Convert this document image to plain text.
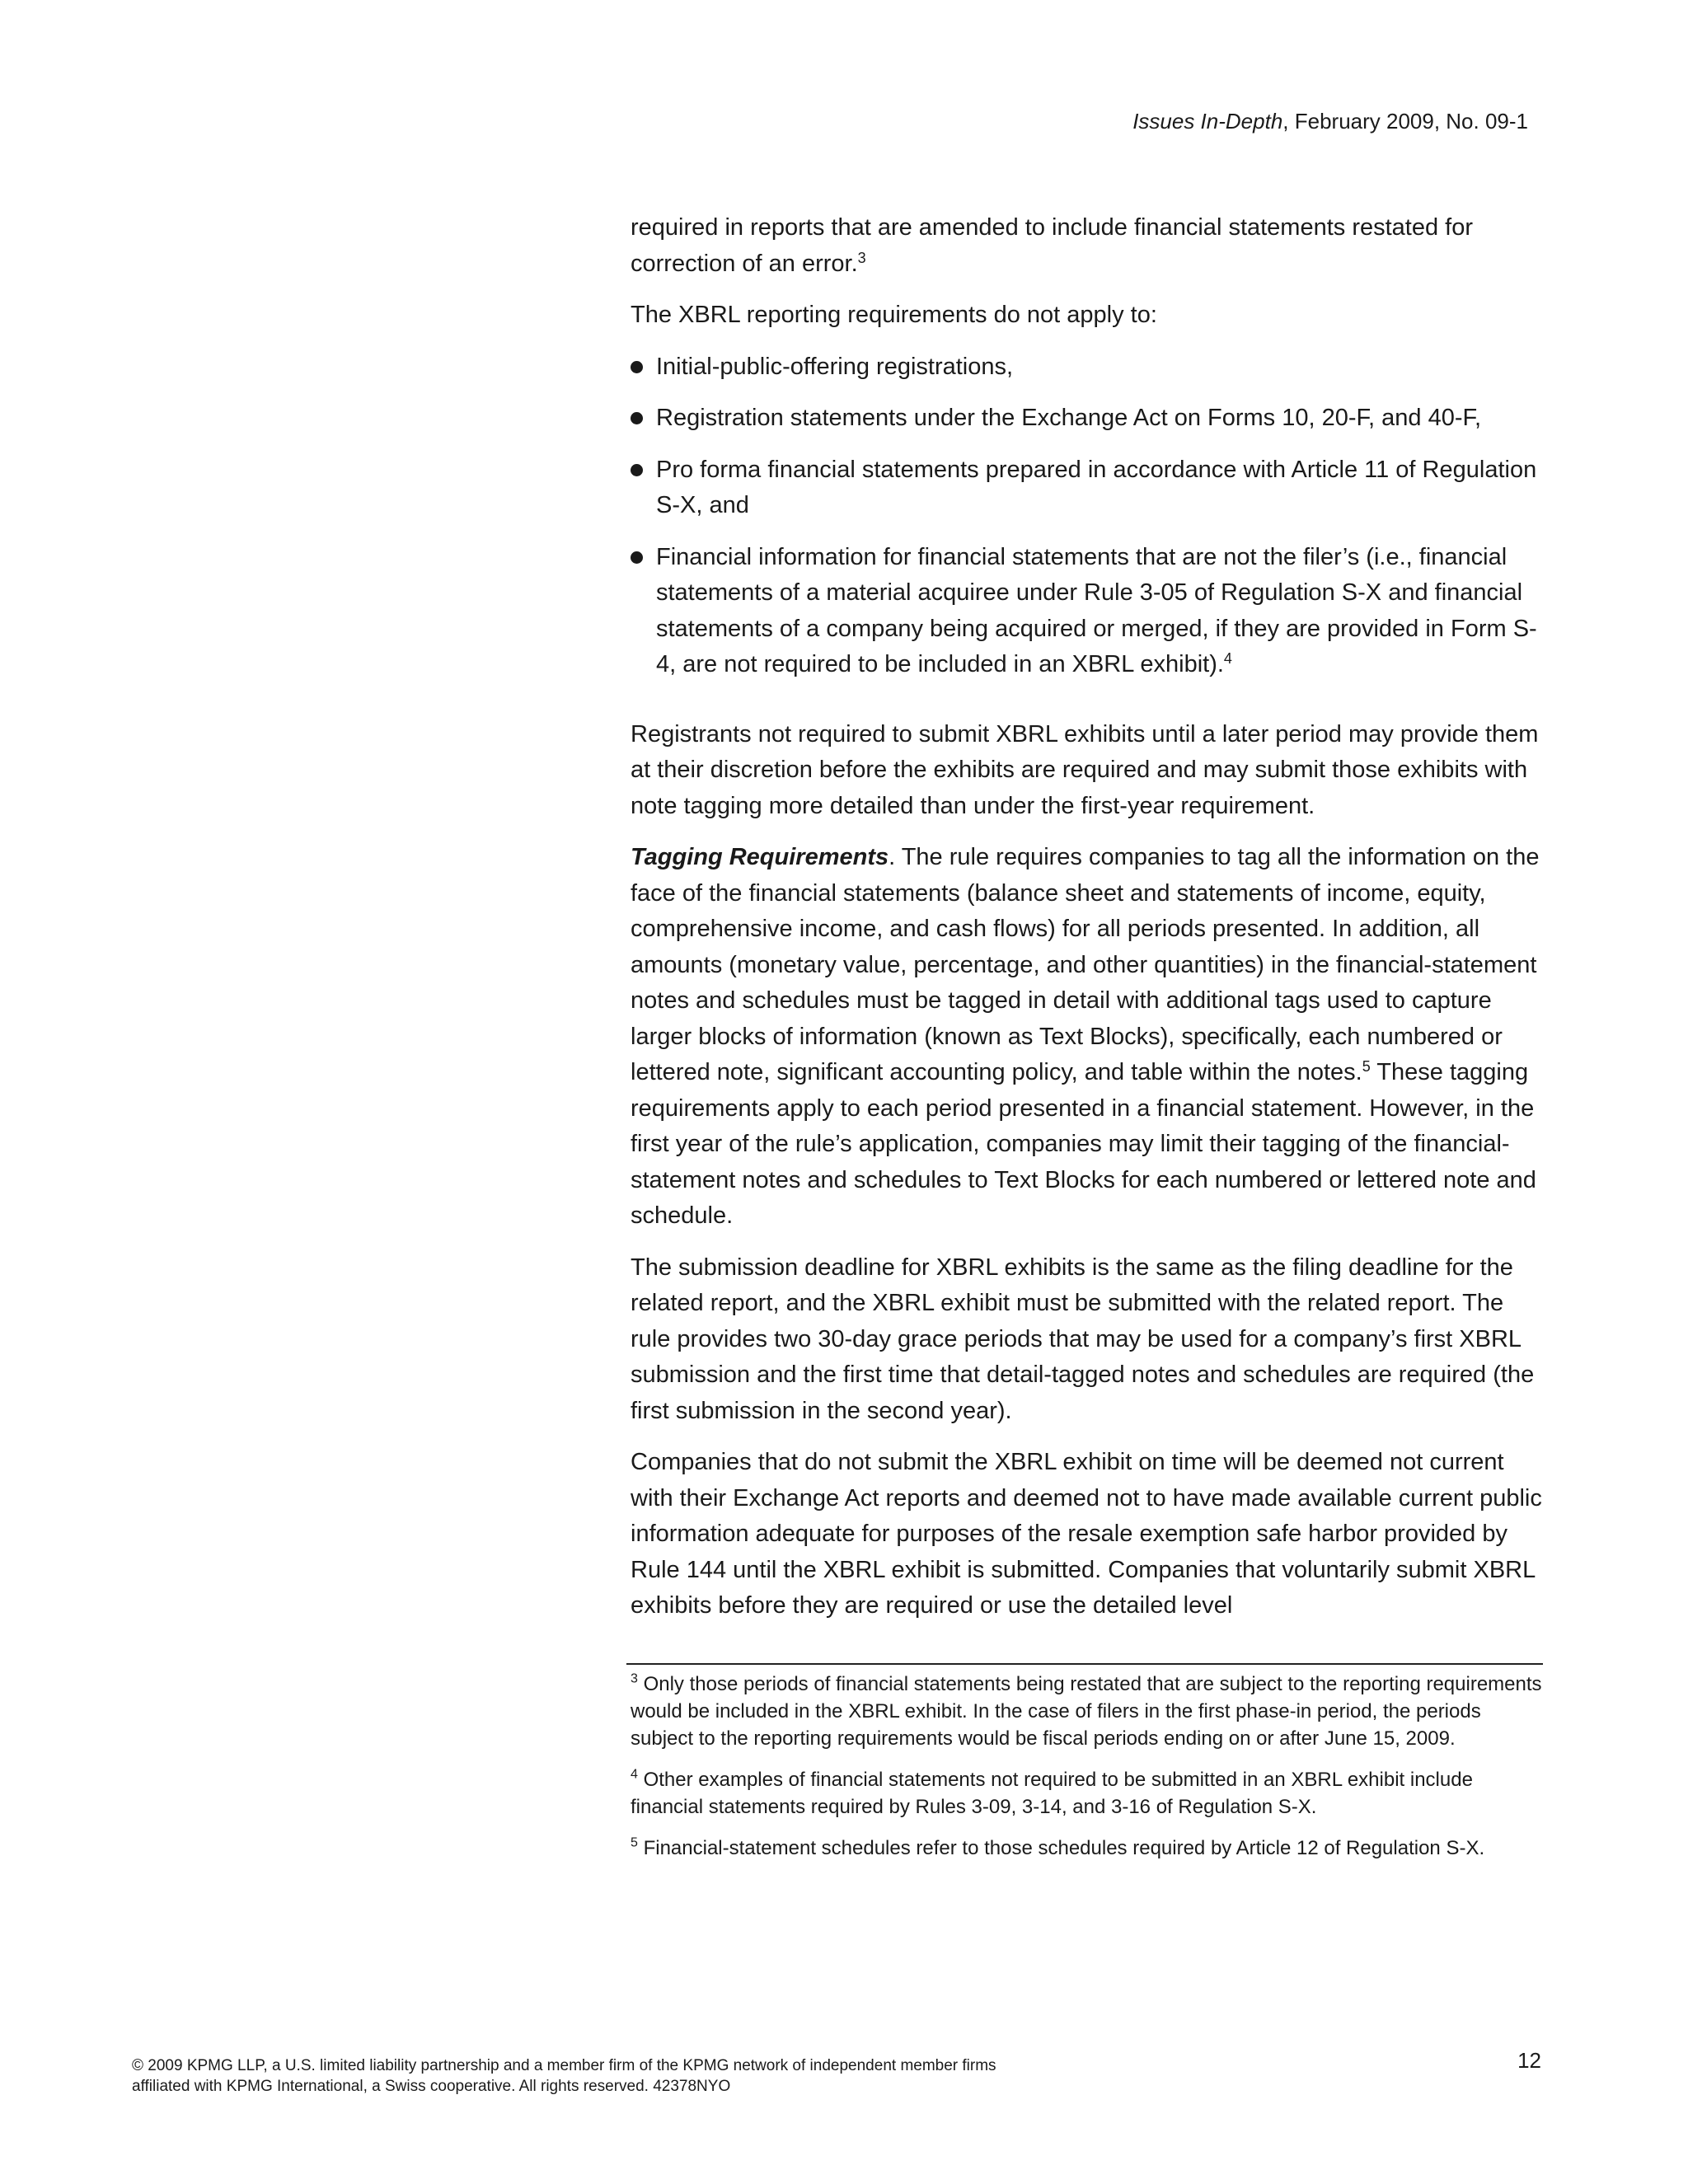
Issues In-Depth, February 2009, No. 09-1

required in reports that are amended to include financial statements restated for correction of an error.$^3$

The XBRL reporting requirements do not apply to:

Initial-public-offering registrations,
Registration statements under the Exchange Act on Forms 10, 20-F, and 40-F,
Pro forma financial statements prepared in accordance with Article 11 of Regulation S-X, and
Financial information for financial statements that are not the filer’s (i.e., financial statements of a material acquiree under Rule 3-05 of Regulation S-X and financial statements of a company being acquired or merged, if they are provided in Form S-4, are not required to be included in an XBRL exhibit).$^4$

Registrants not required to submit XBRL exhibits until a later period may provide them at their discretion before the exhibits are required and may submit those exhibits with note tagging more detailed than under the first-year requirement.

Tagging Requirements. The rule requires companies to tag all the information on the face of the financial statements (balance sheet and statements of income, equity, comprehensive income, and cash flows) for all periods presented. In addition, all amounts (monetary value, percentage, and other quantities) in the financial-statement notes and schedules must be tagged in detail with additional tags used to capture larger blocks of information (known as Text Blocks), specifically, each numbered or lettered note, significant accounting policy, and table within the notes.$^5$ These tagging requirements apply to each period presented in a financial statement. However, in the first year of the rule’s application, companies may limit their tagging of the financial-statement notes and schedules to Text Blocks for each numbered or lettered note and schedule.

The submission deadline for XBRL exhibits is the same as the filing deadline for the related report, and the XBRL exhibit must be submitted with the related report. The rule provides two 30-day grace periods that may be used for a company’s first XBRL submission and the first time that detail-tagged notes and schedules are required (the first submission in the second year).

Companies that do not submit the XBRL exhibit on time will be deemed not current with their Exchange Act reports and deemed not to have made available current public information adequate for purposes of the resale exemption safe harbor provided by Rule 144 until the XBRL exhibit is submitted. Companies that voluntarily submit XBRL exhibits before they are required or use the detailed level

$^3$ Only those periods of financial statements being restated that are subject to the reporting requirements would be included in the XBRL exhibit. In the case of filers in the first phase-in period, the periods subject to the reporting requirements would be fiscal periods ending on or after June 15, 2009.

$^4$ Other examples of financial statements not required to be submitted in an XBRL exhibit include financial statements required by Rules 3-09, 3-14, and 3-16 of Regulation S-X.

$^5$ Financial-statement schedules refer to those schedules required by Article 12 of Regulation S-X.

© 2009 KPMG LLP, a U.S. limited liability partnership and a member firm of the KPMG network of independent member firms
affiliated with KPMG International, a Swiss cooperative. All rights reserved. 42378NYO
12
